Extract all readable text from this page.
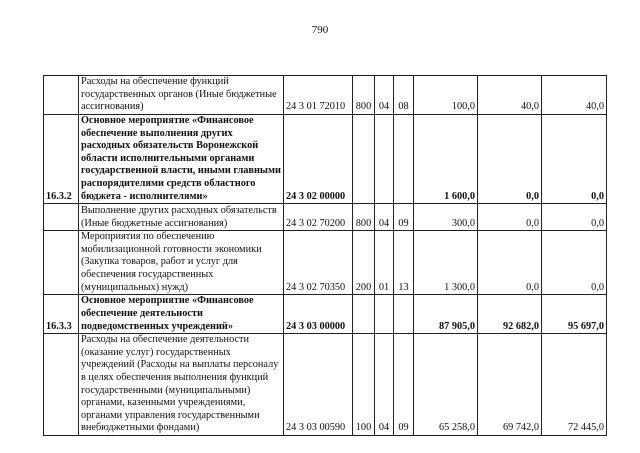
790
	Расходы на обеспечение функций государственных органов (Иные бюджетные ассигнования)	24 3 01 72010	800	04	08	100,0	40,0	40,0
16.3.2	Основное мероприятие «Финансовое обеспечение выполнения других расходных обязательств Воронежской области исполнительными органами государственной власти, иными главными распорядителями средств областного бюджета - исполнителями»	24 3 02 00000				1 600,0	0,0	0,0
	Выполнение других расходных обязательств (Иные бюджетные ассигнования)	24 3 02 70200	800	04	09	300,0	0,0	0,0
	Мероприятия по обеспечению мобилизационной готовности экономики (Закупка товаров, работ и услуг для обеспечения государственных (муниципальных) нужд)	24 3 02 70350	200	01	13	1 300,0	0,0	0,0
16.3.3	Основное мероприятие «Финансовое обеспечение деятельности подведомственных учреждений»	24 3 03 00000				87 905,0	92 682,0	95 697,0
	Расходы на обеспечение деятельности (оказание услуг) государственных учреждений (Расходы на выплаты персоналу в целях обеспечения выполнения функций государственными (муниципальными) органами, казенными учреждениями, органами управления государственными внебюджетными фондами)	24 3 03 00590	100	04	09	65 258,0	69 742,0	72 445,0
